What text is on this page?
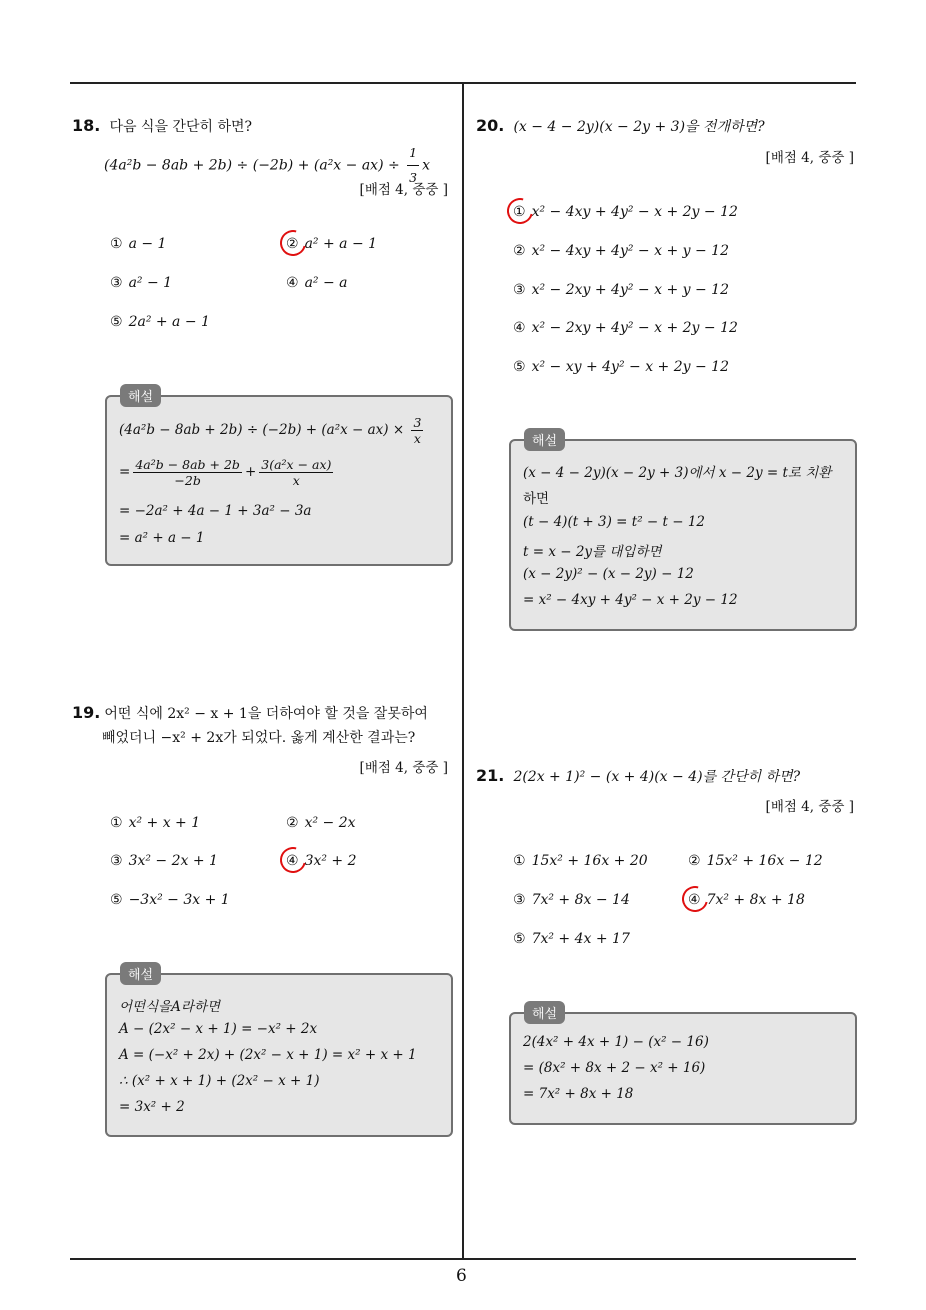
6
18. 다음 식을 간단히 하면?
$(4a^2b - 8ab + 2b) \div (-2b) + (a^2x - ax) \div \frac{1}{3}$ x
[배점 4, 중중 ]
① a − 1	② a² + a − 1
③ a² − 1	④ a² − a
⑤ 2a² + a − 1
$(4a^2b - 8ab + 2b) \div (-2b) + (a^2x - ax) \times \frac{3}{x}$
= $\frac{\text{4a²b − 8ab + 2b}}{-2b} + \frac{\text{3(a²x − ax)}}{x}$
= −2a² + 4a − 1 + 3a² − 3a
= a² + a − 1
해설
19. 어떤 식에 2x² − x + 1을 더하여야 할 것을 잘못하여
빼었더니 −x² + 2x가 되었다. 옳게 계산한 결과는?
[배점 4, 중중 ]
① x² + x + 1	② x² − 2x
③ 3x² − 2x + 1	④ 3x² + 2
⑤ −3x² − 3x + 1
어떤식을A라하면
A − (2x² − x + 1) = −x² + 2x
A = (−x² + 2x) + (2x² − x + 1) = x² + x + 1
∴ (x² + x + 1) + (2x² − x + 1)
= 3x² + 2
해설
20. (x − 4 − 2y)(x − 2y + 3)을 전개하면?
[배점 4, 중중 ]
① x² − 4xy + 4y² − x + 2y − 12
② x² − 4xy + 4y² − x + y − 12
③ x² − 2xy + 4y² − x + y − 12
④ x² − 2xy + 4y² − x + 2y − 12
⑤ x² − xy + 4y² − x + 2y − 12
(x − 4 − 2y)(x − 2y + 3)에서 x − 2y = t로 치환
하면
(t − 4)(t + 3) = t² − t − 12
t = x − 2y를 대입하면
(x − 2y)² − (x − 2y) − 12
= x² − 4xy + 4y² − x + 2y − 12
해설
21. 2(2x + 1)² − (x + 4)(x − 4)를 간단히 하면?
[배점 4, 중중 ]
① 15x² + 16x + 20	② 15x² + 16x − 12
③ 7x² + 8x − 14	④ 7x² + 8x + 18
⑤ 7x² + 4x + 17
2(4x² + 4x + 1) − (x² − 16)
= (8x² + 8x + 2 − x² + 16)
= 7x² + 8x + 18
해설
